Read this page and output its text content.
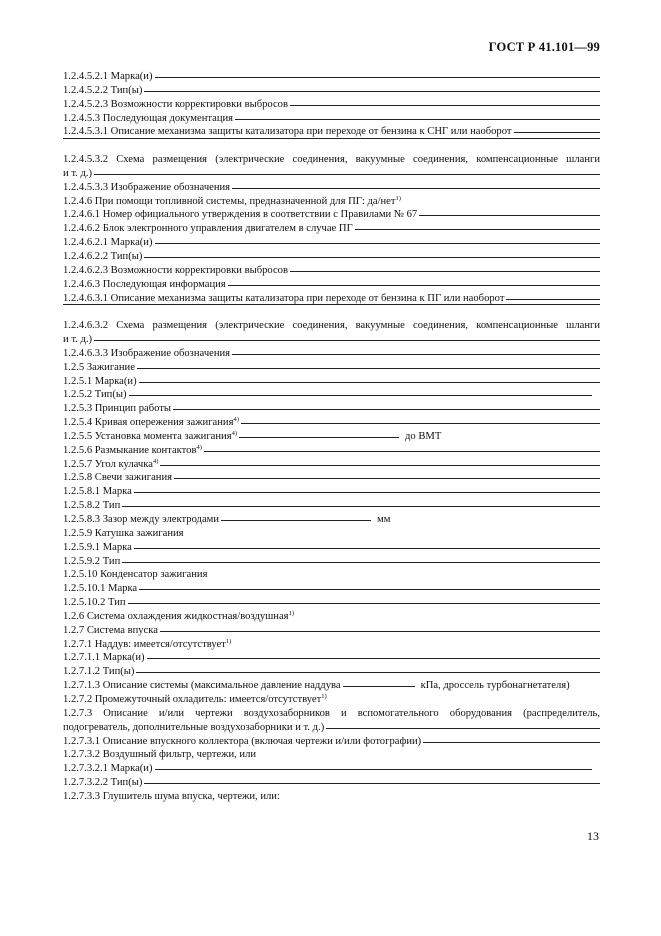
ГОСТ Р 41.101—99
1.2.4.5.2.1 Марка(и)
1.2.4.5.2.2 Тип(ы)
1.2.4.5.2.3 Возможности корректировки выбросов
1.2.4.5.3 Последующая документация
1.2.4.5.3.1 Описание механизма защиты катализатора при переходе от бензина к СНГ или наоборот
1.2.4.5.3.2 Схема размещения (электрические соединения, вакуумные соединения, компенсационные шланги
и т. д.)
1.2.4.5.3.3 Изображение обозначения
1.2.4.6 При помощи топливной системы, предназначенной для ПГ: да/нет$^{1)}$
1.2.4.6.1 Номер официального утверждения в соответствии с Правилами № 67
1.2.4.6.2 Блок электронного управления двигателем в случае ПГ
1.2.4.6.2.1 Марка(и)
1.2.4.6.2.2 Тип(ы)
1.2.4.6.2.3 Возможности корректировки выбросов
1.2.4.6.3 Последующая информация
1.2.4.6.3.1 Описание механизма защиты катализатора при переходе от бензина к ПГ или наоборот
1.2.4.6.3.2 Схема размещения (электрические соединения, вакуумные соединения, компенсационные шланги
и т. д.)
1.2.4.6.3.3 Изображение обозначения
1.2.5 Зажигание
1.2.5.1 Марка(и)
1.2.5.2 Тип(ы)
1.2.5.3 Принцип работы
1.2.5.4 Кривая опережения зажигания$^{4)}$
1.2.5.5 Установка момента зажигания$^{4)}$	до ВМТ
1.2.5.6 Размыкание контактов$^{4)}$
1.2.5.7 Угол кулачка$^{4)}$
1.2.5.8 Свечи зажигания
1.2.5.8.1 Марка
1.2.5.8.2 Тип
1.2.5.8.3 Зазор между электродами	мм
1.2.5.9 Катушка зажигания
1.2.5.9.1 Марка
1.2.5.9.2 Тип
1.2.5.10 Конденсатор зажигания
1.2.5.10.1 Марка
1.2.5.10.2 Тип
1.2.6 Система охлаждения жидкостная/воздушная$^{1)}$
1.2.7 Система впуска
1.2.7.1 Наддув: имеется/отсутствует$^{1)}$
1.2.7.1.1 Марка(и)
1.2.7.1.2 Тип(ы)
1.2.7.1.3 Описание системы (максимальное давление наддува	кПа, дроссель турбонагнетателя)
1.2.7.2 Промежуточный охладитель: имеется/отсутствует$^{1)}$
1.2.7.3 Описание и/или чертежи воздухозаборников и вспомогательного оборудования (распределитель,
подогреватель, дополнительные воздухозаборники и т. д.)
1.2.7.3.1 Описание впускного коллектора (включая чертежи и/или фотографии)
1.2.7.3.2 Воздушный фильтр, чертежи, или
1.2.7.3.2.1 Марка(и)
1.2.7.3.2.2 Тип(ы)
1.2.7.3.3 Глушитель шума впуска, чертежи, или:
13
